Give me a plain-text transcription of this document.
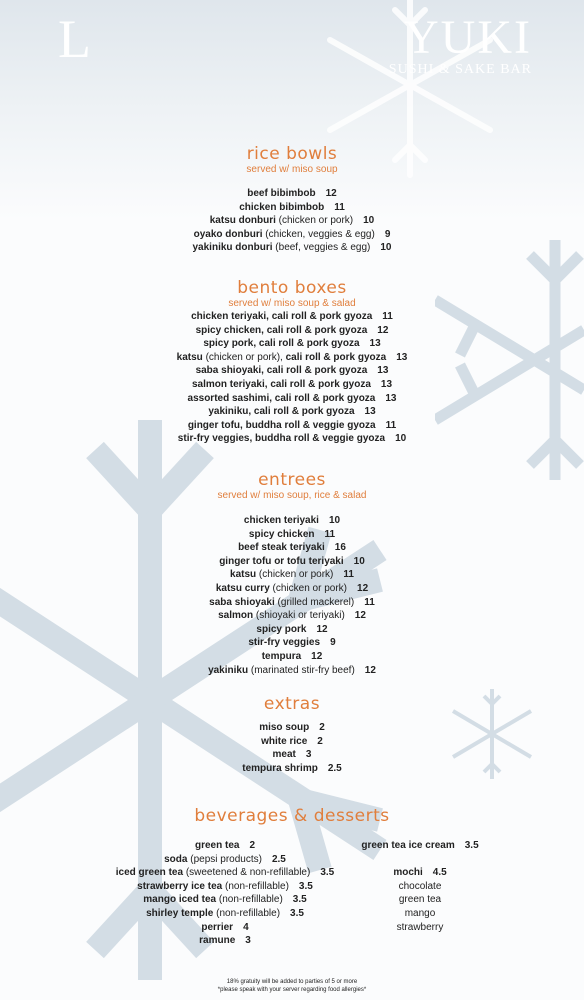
L	YUKI
SUSHI & SAKE BAR
rice bowls
served w/ miso soup
beef bibimbob 12
chicken bibimbob 11
katsu donburi (chicken or pork) 10
oyako donburi (chicken, veggies & egg) 9
yakiniku donburi (beef, veggies & egg) 10
bento boxes
served w/ miso soup & salad
chicken teriyaki, cali roll & pork gyoza 11
spicy chicken, cali roll & pork gyoza 12
spicy pork, cali roll & pork gyoza 13
katsu (chicken or pork), cali roll & pork gyoza 13
saba shioyaki, cali roll & pork gyoza 13
salmon teriyaki, cali roll & pork gyoza 13
assorted sashimi, cali roll & pork gyoza 13
yakiniku, cali roll & pork gyoza 13
ginger tofu, buddha roll & veggie gyoza 11
stir-fry veggies, buddha roll & veggie gyoza 10
entrees
served w/ miso soup, rice & salad
chicken teriyaki 10
spicy chicken 11
beef steak teriyaki 16
ginger tofu or tofu teriyaki 10
katsu (chicken or pork) 11
katsu curry (chicken or pork) 12
saba shioyaki (grilled mackerel) 11
salmon (shioyaki or teriyaki) 12
spicy pork 12
stir-fry veggies 9
tempura 12
yakiniku (marinated stir-fry beef) 12
extras
miso soup 2
white rice 2
meat 3
tempura shrimp 2.5
beverages & desserts
green tea 2
soda (pepsi products) 2.5
iced green tea (sweetened & non-refillable) 3.5
strawberry ice tea (non-refillable) 3.5
mango iced tea (non-refillable) 3.5
shirley temple (non-refillable) 3.5
perrier 4
ramune 3
green tea ice cream 3.5

mochi 4.5
chocolate
green tea
mango
strawberry
18% gratuity will be added to parties of 5 or more
*please speak with your server regarding food allergies*
